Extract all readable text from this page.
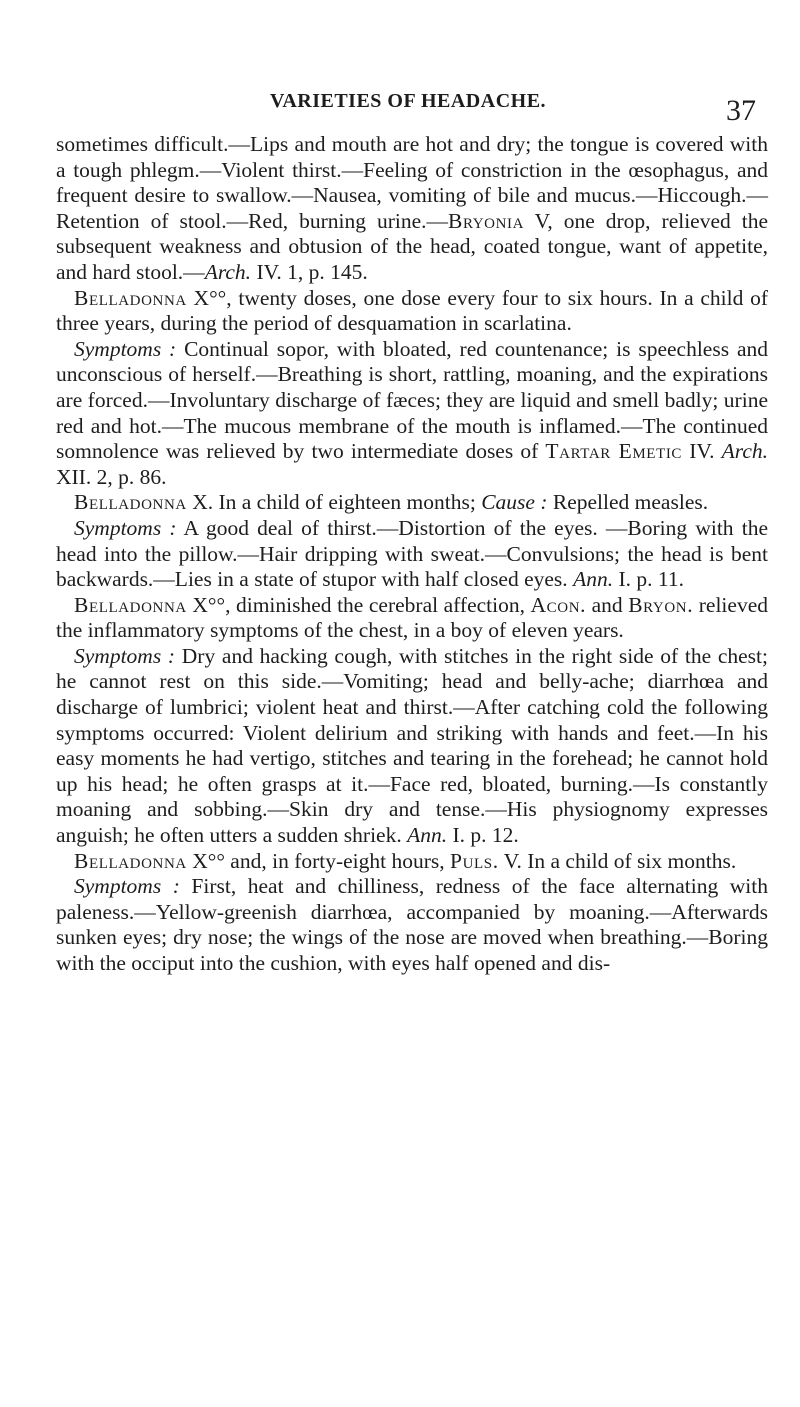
VARIETIES OF HEADACHE.	37

sometimes difficult.—Lips and mouth are hot and dry; the tongue is covered with a tough phlegm.—Violent thirst.—Feeling of constriction in the œsophagus, and frequent desire to swallow.—Nausea, vomiting of bile and mucus.—Hiccough.—Retention of stool.—Red, burning urine.—Bryonia V, one drop, relieved the subsequent weakness and obtusion of the head, coated tongue, want of appetite, and hard stool.—Arch. IV. 1, p. 145.

Belladonna X°°, twenty doses, one dose every four to six hours. In a child of three years, during the period of desquamation in scarlatina.

Symptoms : Continual sopor, with bloated, red countenance; is speechless and unconscious of herself.—Breathing is short, rattling, moaning, and the expirations are forced.—Involuntary discharge of fæces; they are liquid and smell badly; urine red and hot.—The mucous membrane of the mouth is inflamed.—The continued somnolence was relieved by two intermediate doses of Tartar Emetic IV. Arch. XII. 2, p. 86.

Belladonna X. In a child of eighteen months; Cause : Repelled measles.

Symptoms : A good deal of thirst.—Distortion of the eyes. —Boring with the head into the pillow.—Hair dripping with sweat.—Convulsions; the head is bent backwards.—Lies in a state of stupor with half closed eyes. Ann. I. p. 11.

Belladonna X°°, diminished the cerebral affection, Acon. and Bryon. relieved the inflammatory symptoms of the chest, in a boy of eleven years.

Symptoms : Dry and hacking cough, with stitches in the right side of the chest; he cannot rest on this side.—Vomiting; head and belly-ache; diarrhœa and discharge of lumbrici; violent heat and thirst.—After catching cold the following symptoms occurred: Violent delirium and striking with hands and feet.—In his easy moments he had vertigo, stitches and tearing in the forehead; he cannot hold up his head; he often grasps at it.—Face red, bloated, burning.—Is constantly moaning and sobbing.—Skin dry and tense.—His physiognomy expresses anguish; he often utters a sudden shriek. Ann. I. p. 12.

Belladonna X°° and, in forty-eight hours, Puls. V. In a child of six months.

Symptoms : First, heat and chilliness, redness of the face alternating with paleness.—Yellow-greenish diarrhœa, accompanied by moaning.—Afterwards sunken eyes; dry nose; the wings of the nose are moved when breathing.—Boring with the occiput into the cushion, with eyes half opened and dis-
